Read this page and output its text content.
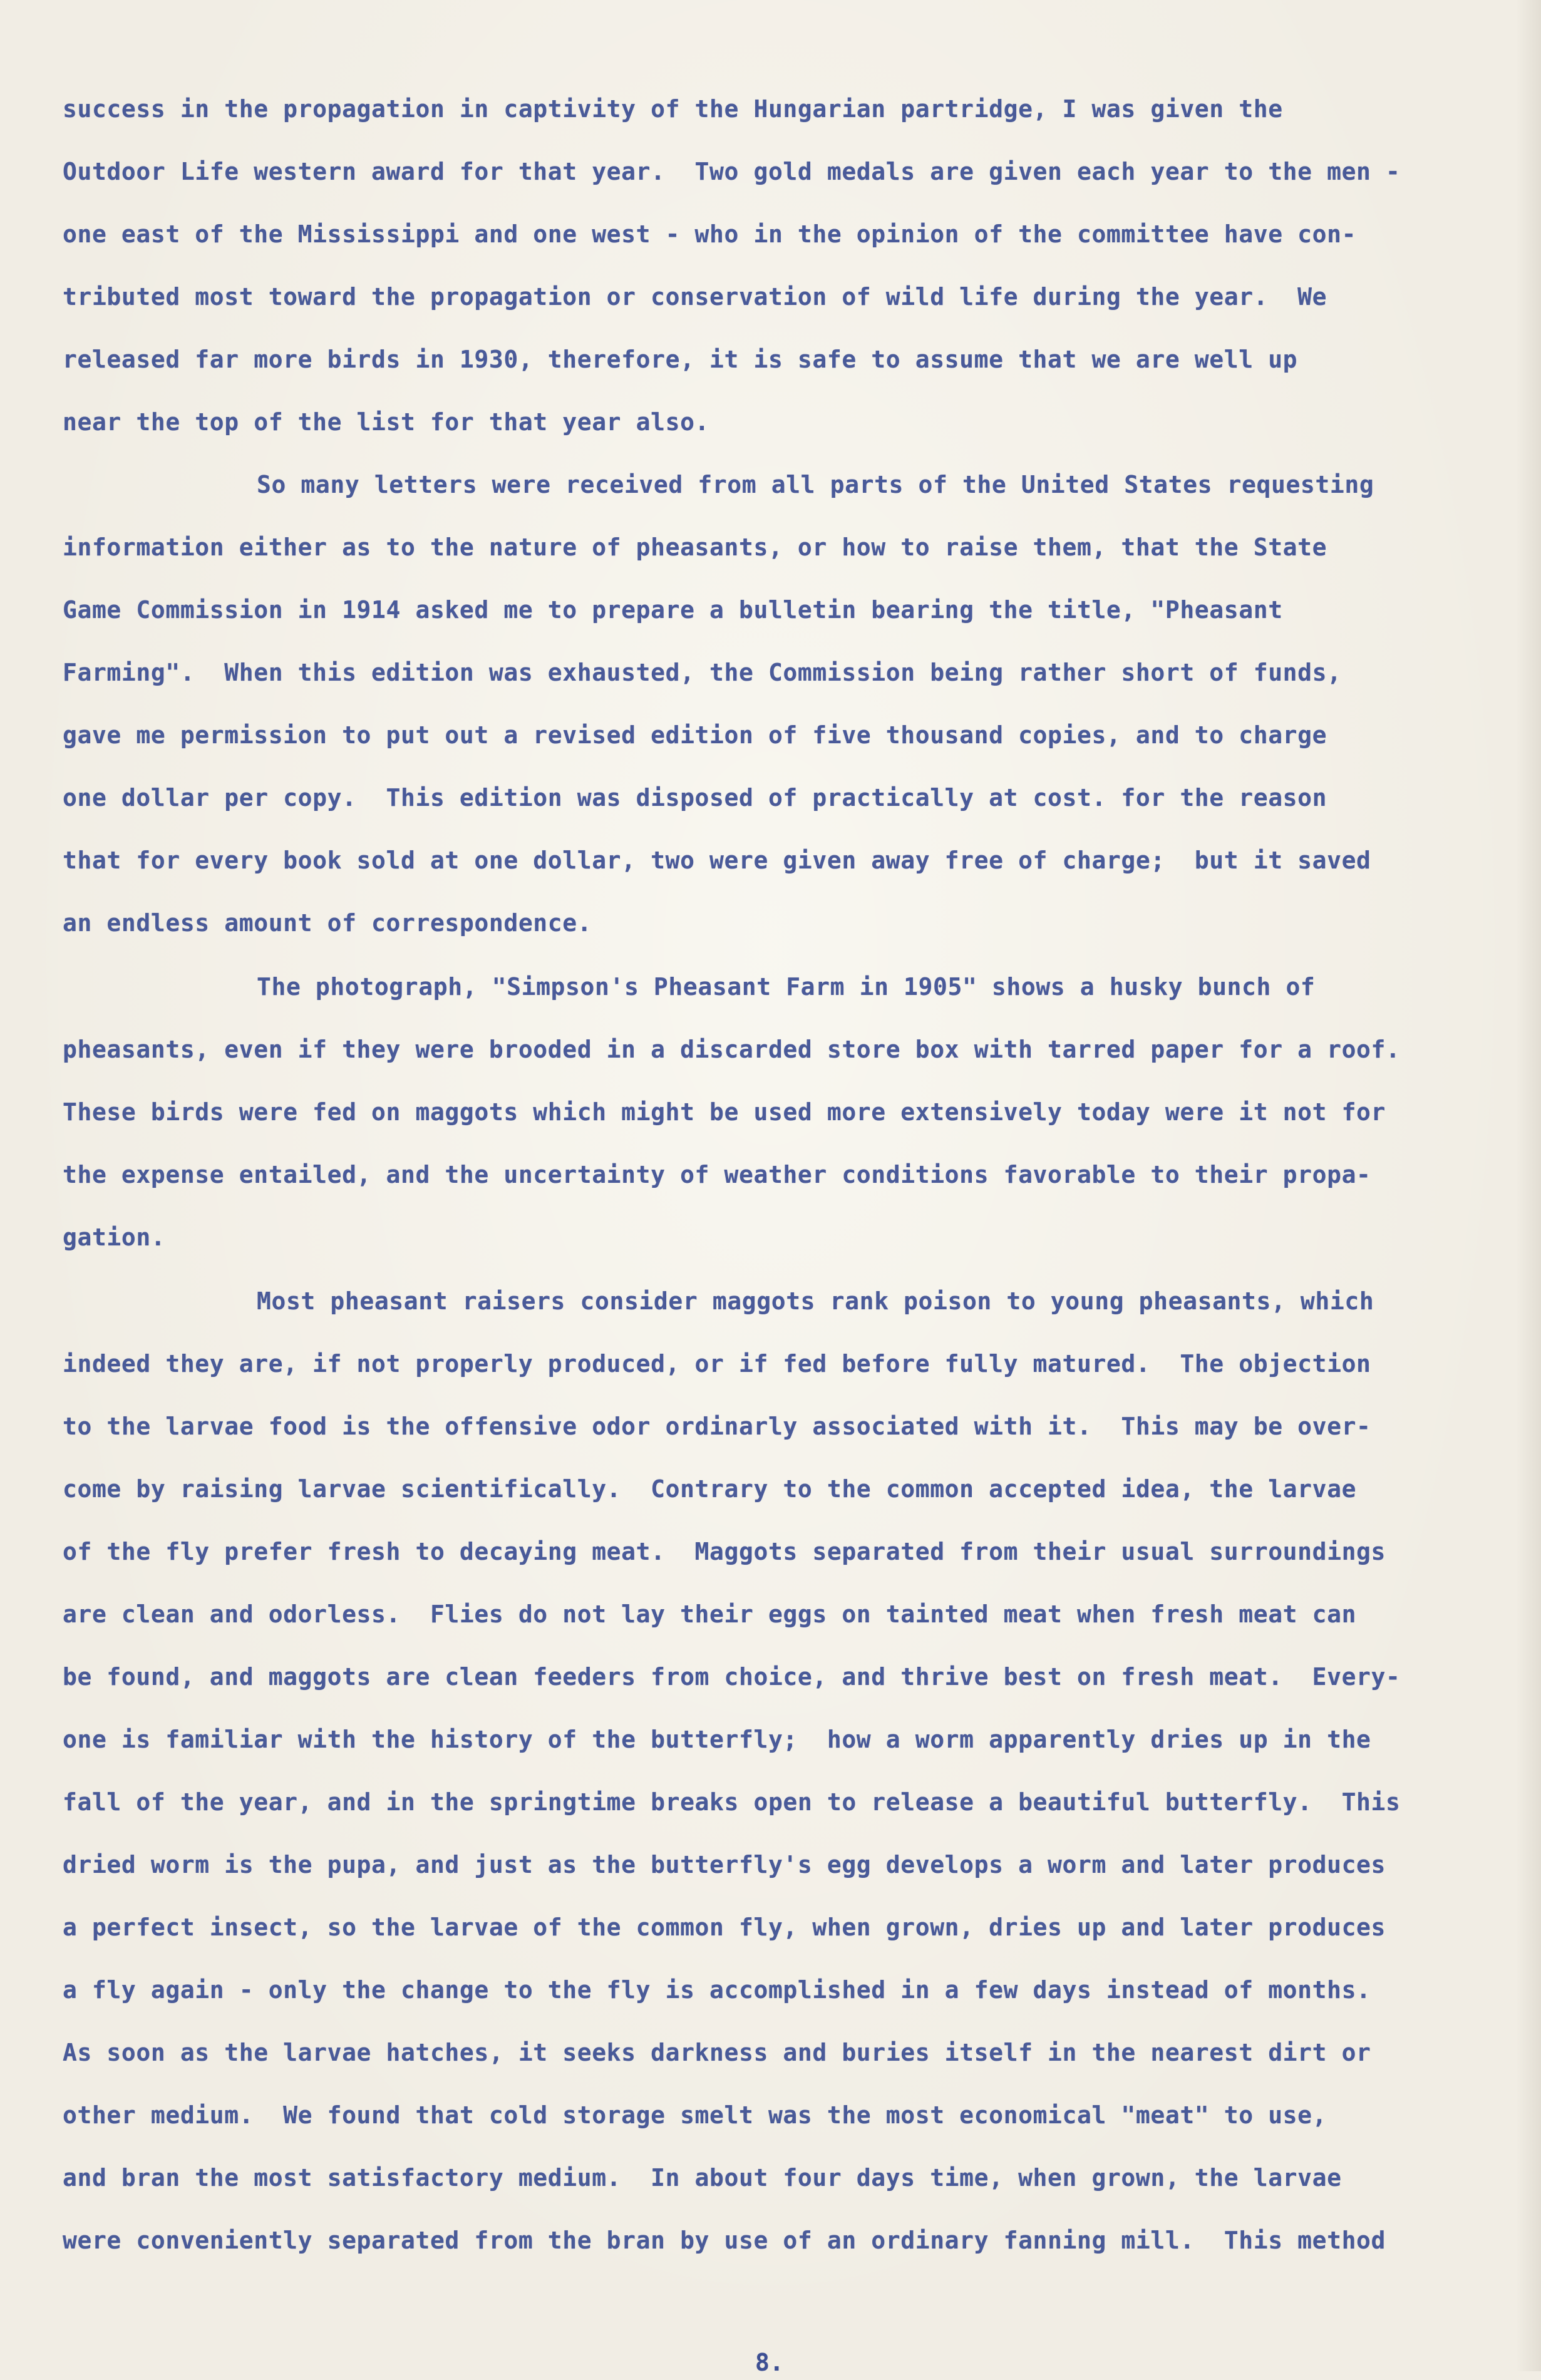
success in the propagation in captivity of the Hungarian partridge, I was given the

Outdoor Life western award for that year.  Two gold medals are given each year to the men -

one east of the Mississippi and one west - who in the opinion of the committee have con-

tributed most toward the propagation or conservation of wild life during the year.  We

released far more birds in 1930, therefore, it is safe to assume that we are well up

near the top of the list for that year also.

So many letters were received from all parts of the United States requesting

information either as to the nature of pheasants, or how to raise them, that the State

Game Commission in 1914 asked me to prepare a bulletin bearing the title, "Pheasant

Farming".  When this edition was exhausted, the Commission being rather short of funds,

gave me permission to put out a revised edition of five thousand copies, and to charge

one dollar per copy.  This edition was disposed of practically at cost. for the reason

that for every book sold at one dollar, two were given away free of charge;  but it saved

an endless amount of correspondence.

The photograph, "Simpson's Pheasant Farm in 1905" shows a husky bunch of

pheasants, even if they were brooded in a discarded store box with tarred paper for a roof.

These birds were fed on maggots which might be used more extensively today were it not for

the expense entailed, and the uncertainty of weather conditions favorable to their propa-

gation.

Most pheasant raisers consider maggots rank poison to young pheasants, which

indeed they are, if not properly produced, or if fed before fully matured.  The objection

to the larvae food is the offensive odor ordinarly associated with it.  This may be over-

come by raising larvae scientifically.  Contrary to the common accepted idea, the larvae

of the fly prefer fresh to decaying meat.  Maggots separated from their usual surroundings

are clean and odorless.  Flies do not lay their eggs on tainted meat when fresh meat can

be found, and maggots are clean feeders from choice, and thrive best on fresh meat.  Every-

one is familiar with the history of the butterfly;  how a worm apparently dries up in the

fall of the year, and in the springtime breaks open to release a beautiful butterfly.  This

dried worm is the pupa, and just as the butterfly's egg develops a worm and later produces

a perfect insect, so the larvae of the common fly, when grown, dries up and later produces

a fly again - only the change to the fly is accomplished in a few days instead of months.

As soon as the larvae hatches, it seeks darkness and buries itself in the nearest dirt or

other medium.  We found that cold storage smelt was the most economical "meat" to use,

and bran the most satisfactory medium.  In about four days time, when grown, the larvae

were conveniently separated from the bran by use of an ordinary fanning mill.  This method

8.
